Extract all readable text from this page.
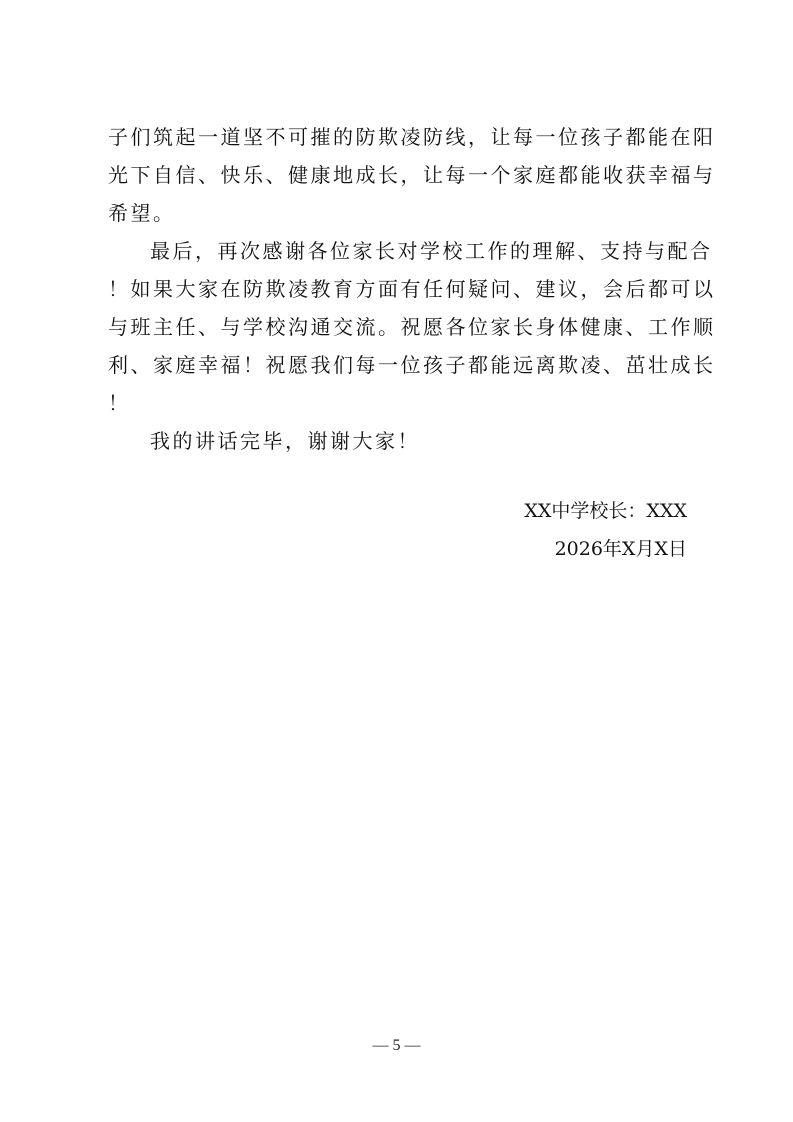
子们筑起一道坚不可摧的防欺凌防线，让每一位孩子都能在阳
光下自信、快乐、健康地成长，让每一个家庭都能收获幸福与
希望。
最后，再次感谢各位家长对学校工作的理解、支持与配合
！如果大家在防欺凌教育方面有任何疑问、建议，会后都可以
与班主任、与学校沟通交流。祝愿各位家长身体健康、工作顺
利、家庭幸福！祝愿我们每一位孩子都能远离欺凌、茁壮成长
！
我的讲话完毕，谢谢大家！
XX中学校长：XXX
2026年X月X日
— 5 —
